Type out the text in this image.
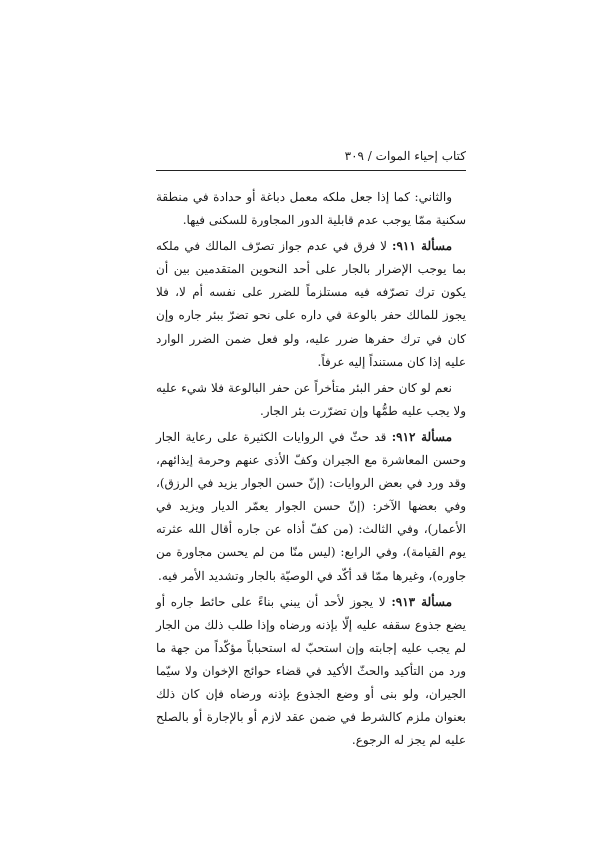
كتاب إحياء الموات / ٣٠٩

والثاني: كما إذا جعل ملكه معمل دباغة أو حدادة في منطقة سكنية ممّا يوجب عدم قابلية الدور المجاورة للسكنى فيها.

مسألة ٩١١: لا فرق في عدم جواز تصرّف المالك في ملكه بما يوجب الإضرار بالجار على أحد النحوين المتقدمين بين أن يكون ترك تصرّفه فيه مستلزماً للضرر على نفسه أم لا، فلا يجوز للمالك حفر بالوعة في داره على نحو تضرّ ببئر جاره وإن كان في ترك حفرها ضرر عليه، ولو فعل ضمن الضرر الوارد عليه إذا كان مستنداً إليه عرفاً.

نعم لو كان حفر البئر متأخراً عن حفر البالوعة فلا شيء عليه ولا يجب عليه طمُّها وإن تضرّرت بئر الجار.

مسألة ٩١٢: قد حثّ في الروايات الكثيرة على رعاية الجار وحسن المعاشرة مع الجيران وكفّ الأذى عنهم وحرمة إيذائهم، وقد ورد في بعض الروايات: (إنّ حسن الجوار يزيد في الرزق)، وفي بعضها الآخر: (إنّ حسن الجوار يعمّر الديار ويزيد في الأعمار)، وفي الثالث: (من كفّ أذاه عن جاره أقال الله عثرته يوم القيامة)، وفي الرابع: (ليس منّا من لم يحسن مجاورة من جاوره)، وغيرها ممّا قد أكّد في الوصيّة بالجار وتشديد الأمر فيه.

مسألة ٩١٣: لا يجوز لأحد أن يبني بناءً على حائط جاره أو يضع جذوع سقفه عليه إلّا بإذنه ورضاه وإذا طلب ذلك من الجار لم يجب عليه إجابته وإن استحبّ له استحباباً مؤكّداً من جهة ما ورد من التأكيد والحثّ الأكيد في قضاء حوائج الإخوان ولا سيّما الجيران، ولو بنى أو وضع الجذوع بإذنه ورضاه فإن كان ذلك بعنوان ملزم كالشرط في ضمن عقد لازم أو بالإجارة أو بالصلح عليه لم يجز له الرجوع.
